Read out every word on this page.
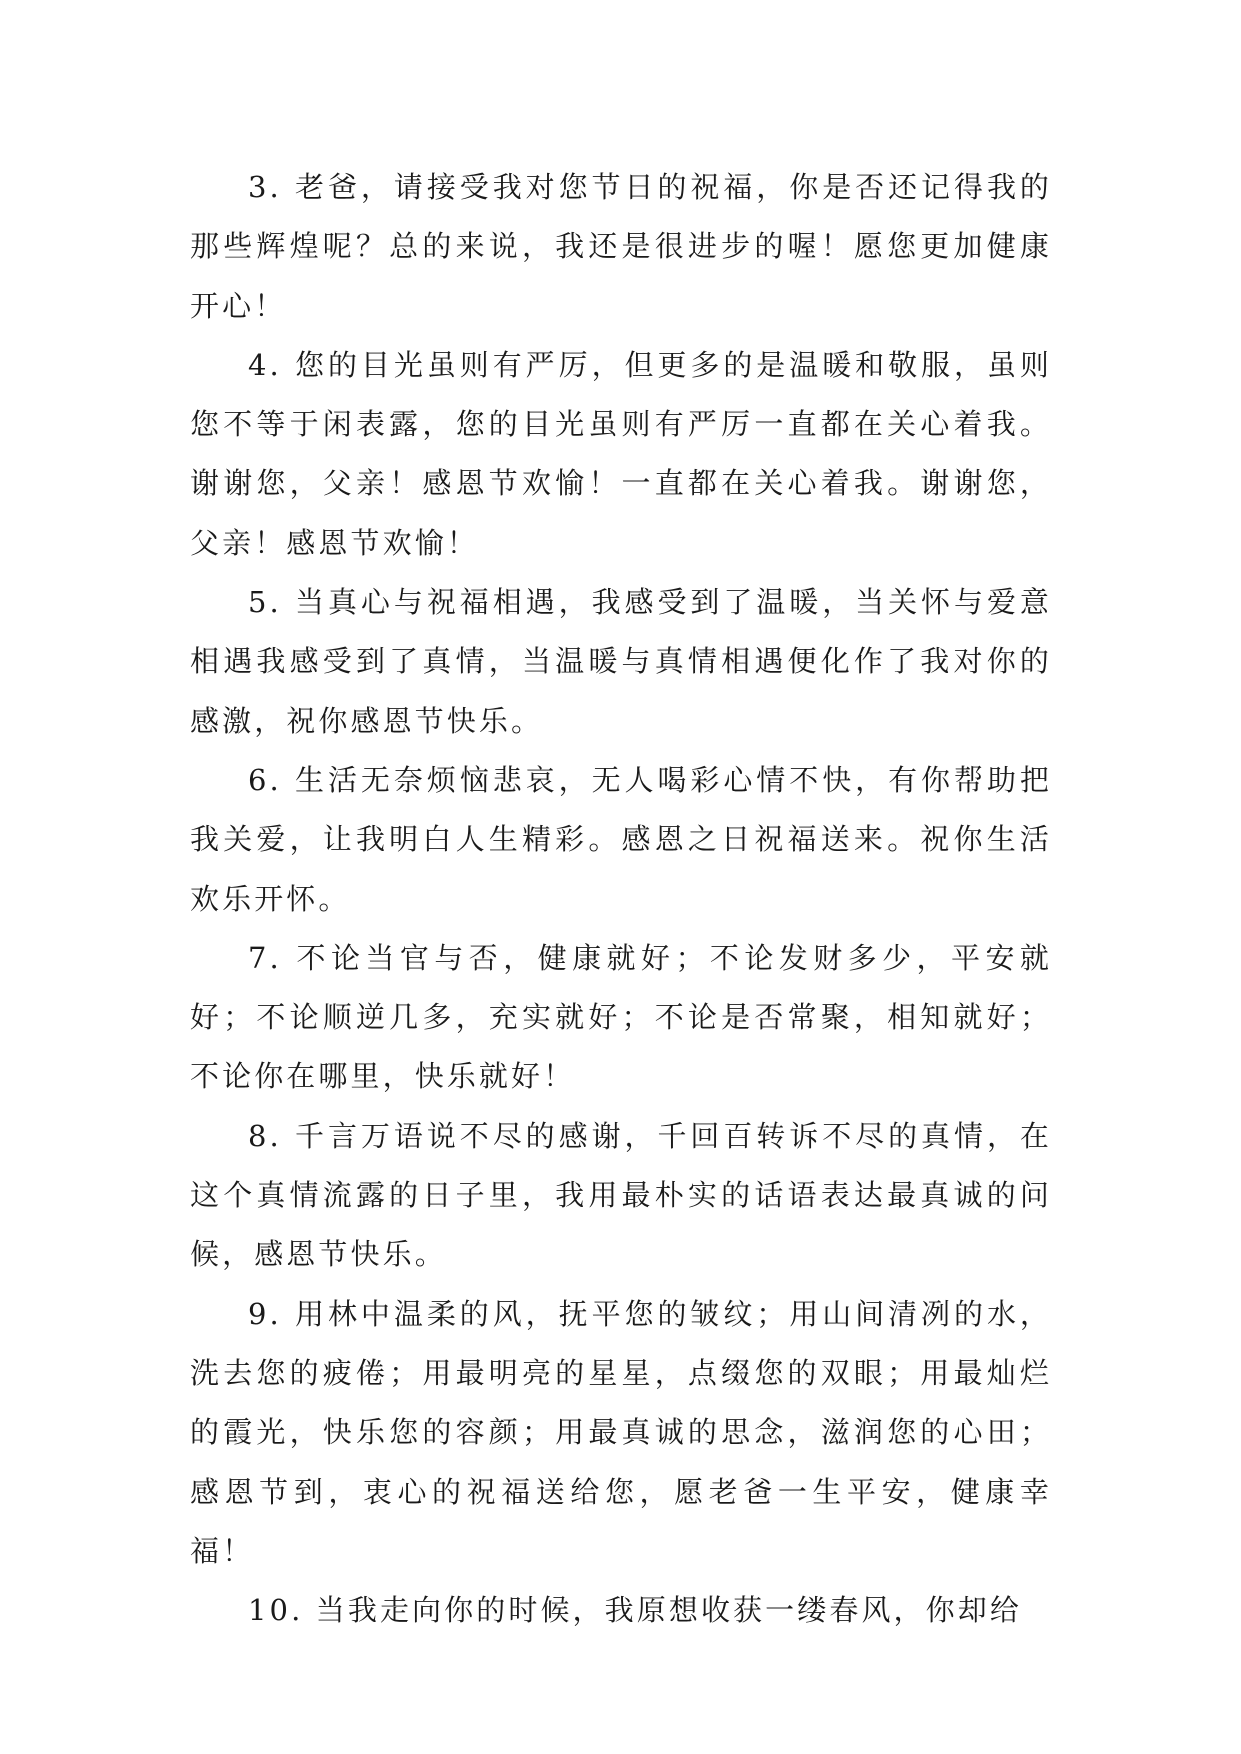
3. 老爸，请接受我对您节日的祝福，你是否还记得我的那些辉煌呢？总的来说，我还是很进步的喔！愿您更加健康开心！

4. 您的目光虽则有严厉，但更多的是温暖和敬服，虽则您不等于闲表露，您的目光虽则有严厉一直都在关心着我。谢谢您，父亲！感恩节欢愉！一直都在关心着我。谢谢您，父亲！感恩节欢愉！

5. 当真心与祝福相遇，我感受到了温暖，当关怀与爱意相遇我感受到了真情，当温暖与真情相遇便化作了我对你的感激，祝你感恩节快乐。

6. 生活无奈烦恼悲哀，无人喝彩心情不快，有你帮助把我关爱，让我明白人生精彩。感恩之日祝福送来。祝你生活欢乐开怀。

7. 不论当官与否，健康就好；不论发财多少，平安就好；不论顺逆几多，充实就好；不论是否常聚，相知就好；不论你在哪里，快乐就好！

8. 千言万语说不尽的感谢，千回百转诉不尽的真情，在这个真情流露的日子里，我用最朴实的话语表达最真诚的问候，感恩节快乐。

9. 用林中温柔的风，抚平您的皱纹；用山间清冽的水，洗去您的疲倦；用最明亮的星星，点缀您的双眼；用最灿烂的霞光，快乐您的容颜；用最真诚的思念，滋润您的心田；感恩节到，衷心的祝福送给您，愿老爸一生平安，健康幸福！

10. 当我走向你的时候，我原想收获一缕春风，你却给
